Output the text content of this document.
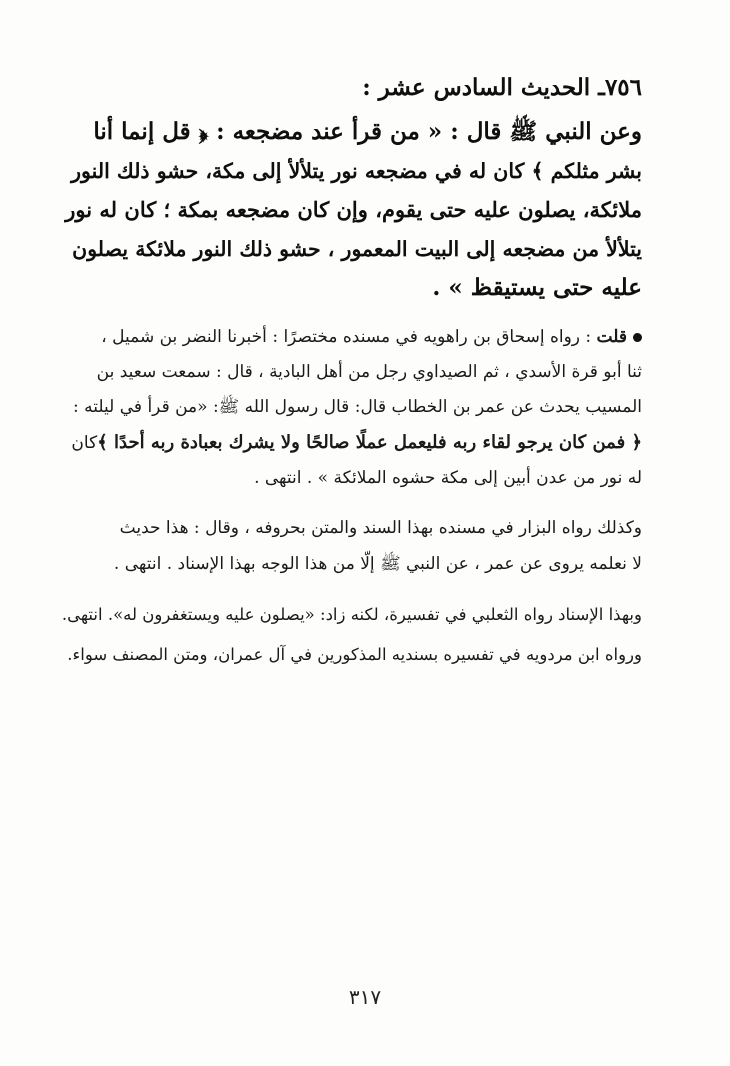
٧٥٦ـ الحديث السادس عشر :
وعن النبي ﷺ قال : « من قرأ عند مضجعه : ﴿ قل إنما أنا
بشر مثلكم ﴾ كان له في مضجعه نور يتلألأ إلى مكة، حشو ذلك النور
ملائكة، يصلون عليه حتى يقوم، وإن كان مضجعه بمكة ؛ كان له نور
يتلألأ من مضجعه إلى البيت المعمور ، حشو ذلك النور ملائكة يصلون
عليه حتى يستيقظ » .
قلت : رواه إسحاق بن راهويه في مسنده مختصرًا : أخبرنا النضر بن شميل ،
ثنا أبو قرة الأسدي ، ثم الصيداوي رجل من أهل البادية ، قال : سمعت سعيد بن
المسيب يحدث عن عمر بن الخطاب قال: قال رسول الله ﷺ: «من قرأ في ليلته :
﴿ فمن كان يرجو لقاء ربه فليعمل عملًا صالحًا ولا يشرك بعبادة ربه أحدًا ﴾كان
له نور من عدن أبين إلى مكة حشوه الملائكة » . انتهى .
وكذلك رواه البزار في مسنده بهذا السند والمتن بحروفه ، وقال : هذا حديث
لا نعلمه يروى عن عمر ، عن النبي ﷺ إلّا من هذا الوجه بهذا الإسناد . انتهى .
وبهذا الإسناد رواه الثعلبي في تفسيرة، لكنه زاد: «يصلون عليه ويستغفرون له». انتهى.
ورواه ابن مردويه في تفسيره بسنديه المذكورين في آل عمران، ومتن المصنف سواء.
٣١٧
